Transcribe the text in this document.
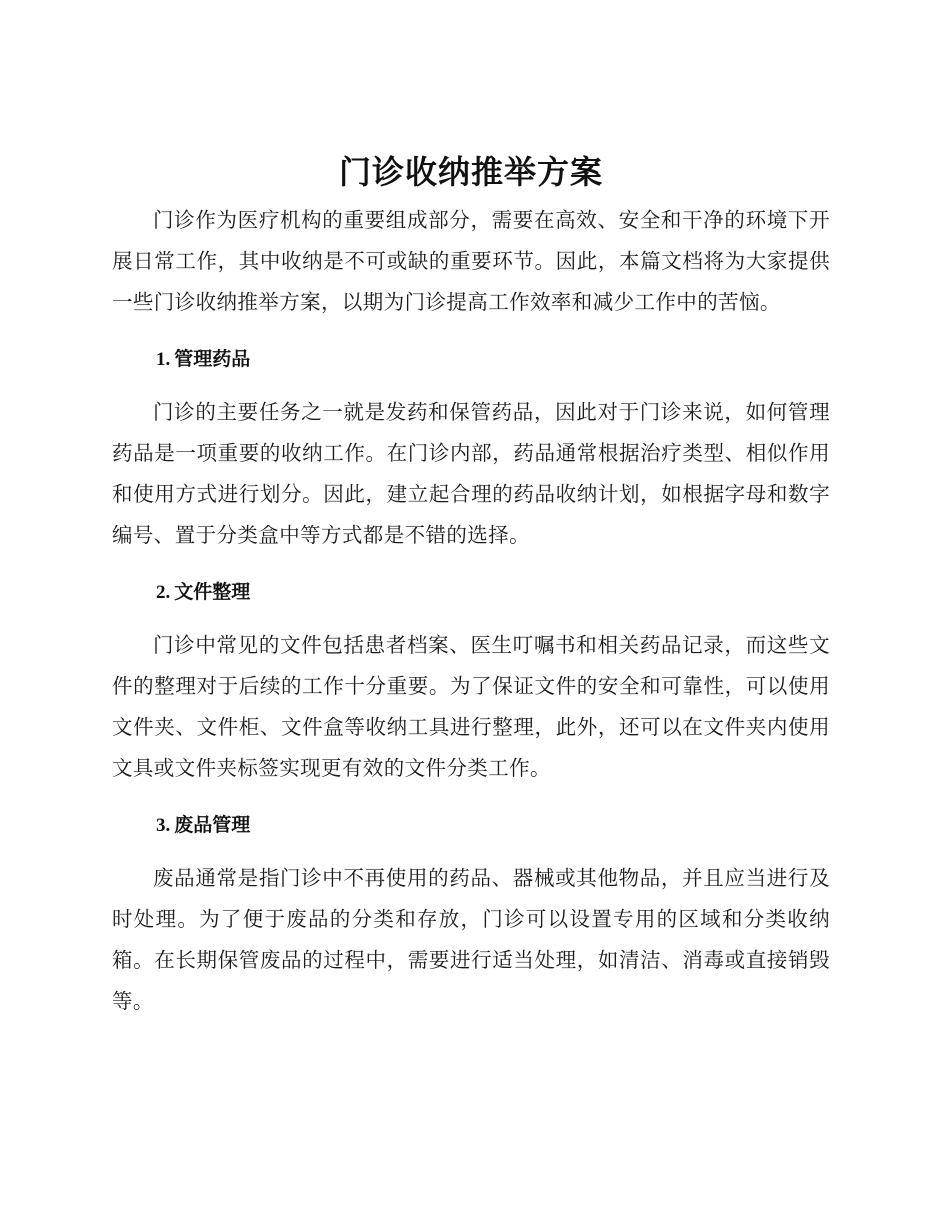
门诊收纳推举方案

门诊作为医疗机构的重要组成部分，需要在高效、安全和干净的环境下开展日常工作，其中收纳是不可或缺的重要环节。因此，本篇文档将为大家提供一些门诊收纳推举方案，以期为门诊提高工作效率和减少工作中的苦恼。

1. 管理药品

门诊的主要任务之一就是发药和保管药品，因此对于门诊来说，如何管理药品是一项重要的收纳工作。在门诊内部，药品通常根据治疗类型、相似作用和使用方式进行划分。因此，建立起合理的药品收纳计划，如根据字母和数字编号、置于分类盒中等方式都是不错的选择。

2. 文件整理

门诊中常见的文件包括患者档案、医生叮嘱书和相关药品记录，而这些文件的整理对于后续的工作十分重要。为了保证文件的安全和可靠性，可以使用文件夹、文件柜、文件盒等收纳工具进行整理，此外，还可以在文件夹内使用文具或文件夹标签实现更有效的文件分类工作。

3. 废品管理

废品通常是指门诊中不再使用的药品、器械或其他物品，并且应当进行及时处理。为了便于废品的分类和存放，门诊可以设置专用的区域和分类收纳箱。在长期保管废品的过程中，需要进行适当处理，如清洁、消毒或直接销毁等。
